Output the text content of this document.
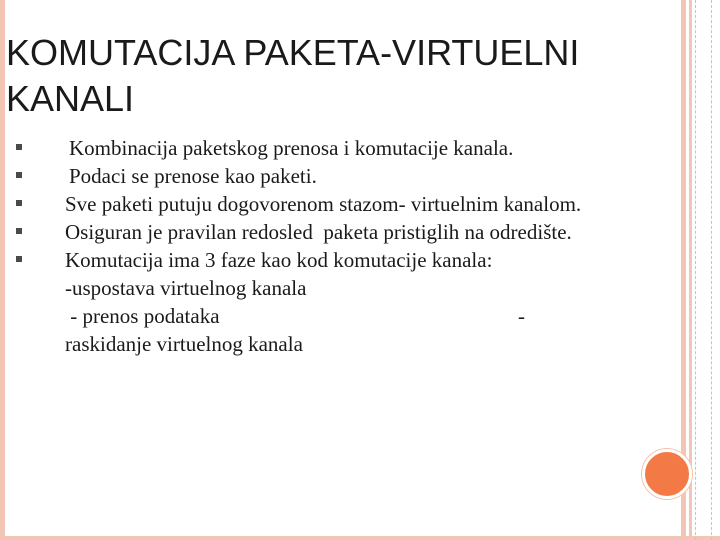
KOMUTACIJA PAKETA-VIRTUELNI KANALI
Kombinacija paketskog prenosa i komutacije kanala.
Podaci se prenose kao paketi.
Sve paketi putuju dogovorenom stazom- virtuelnim kanalom.
Osiguran je pravilan redosled  paketa pristiglih na odredište.
Komutacija ima 3 faze kao kod komutacije kanala:
-uspostava virtuelnog kanala
- prenos podataka	-
raskidanje virtuelnog kanala
